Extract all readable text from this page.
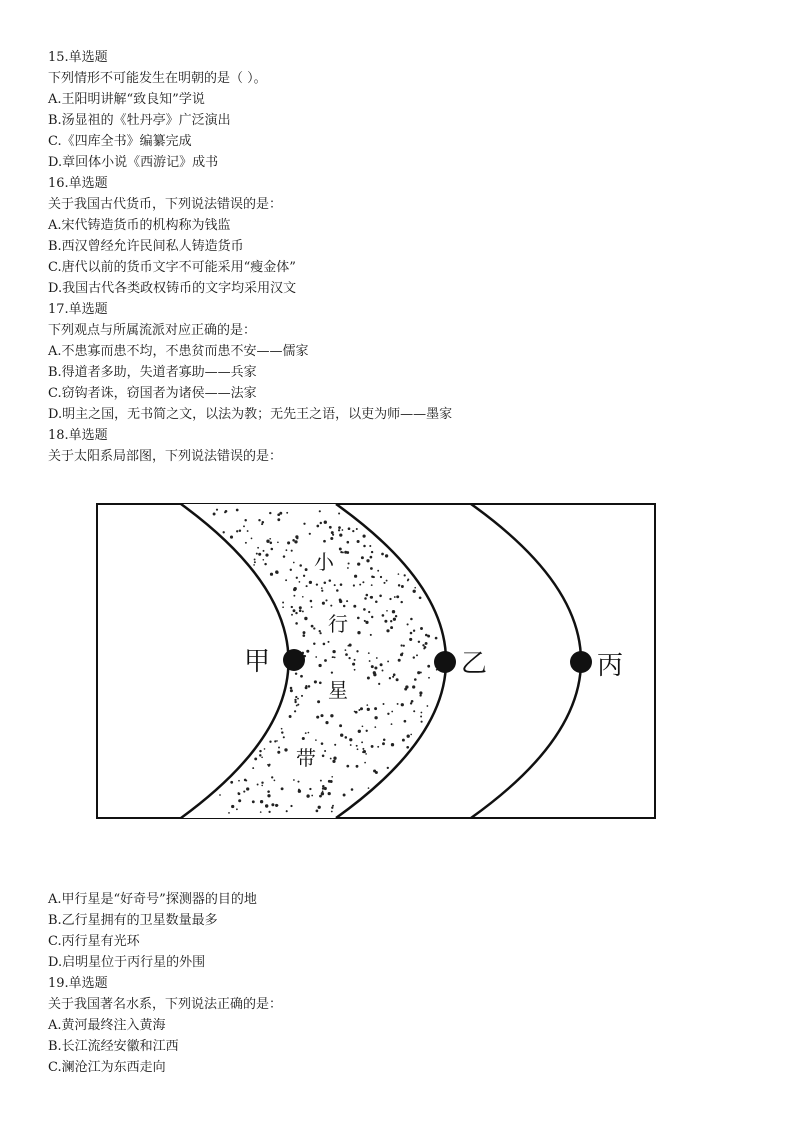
15.单选题
下列情形不可能发生在明朝的是（ ）。
A.王阳明讲解“致良知”学说
B.汤显祖的《牡丹亭》广泛演出
C.《四库全书》编纂完成
D.章回体小说《西游记》成书
16.单选题
关于我国古代货币，下列说法错误的是：
A.宋代铸造货币的机构称为钱监
B.西汉曾经允许民间私人铸造货币
C.唐代以前的货币文字不可能采用“瘦金体”
D.我国古代各类政权铸币的文字均采用汉文
17.单选题
下列观点与所属流派对应正确的是：
A.不患寡而患不均，不患贫而患不安——儒家
B.得道者多助，失道者寡助——兵家
C.窃钩者诛，窃国者为诸侯——法家
D.明主之国，无书简之文，以法为教；无先王之语，以吏为师——墨家
18.单选题
关于太阳系局部图，下列说法错误的是：
甲	乙	丙
小
行
星
带
A.甲行星是“好奇号”探测器的目的地
B.乙行星拥有的卫星数量最多
C.丙行星有光环
D.启明星位于丙行星的外围
19.单选题
关于我国著名水系，下列说法正确的是：
A.黄河最终注入黄海
B.长江流经安徽和江西
C.澜沧江为东西走向
